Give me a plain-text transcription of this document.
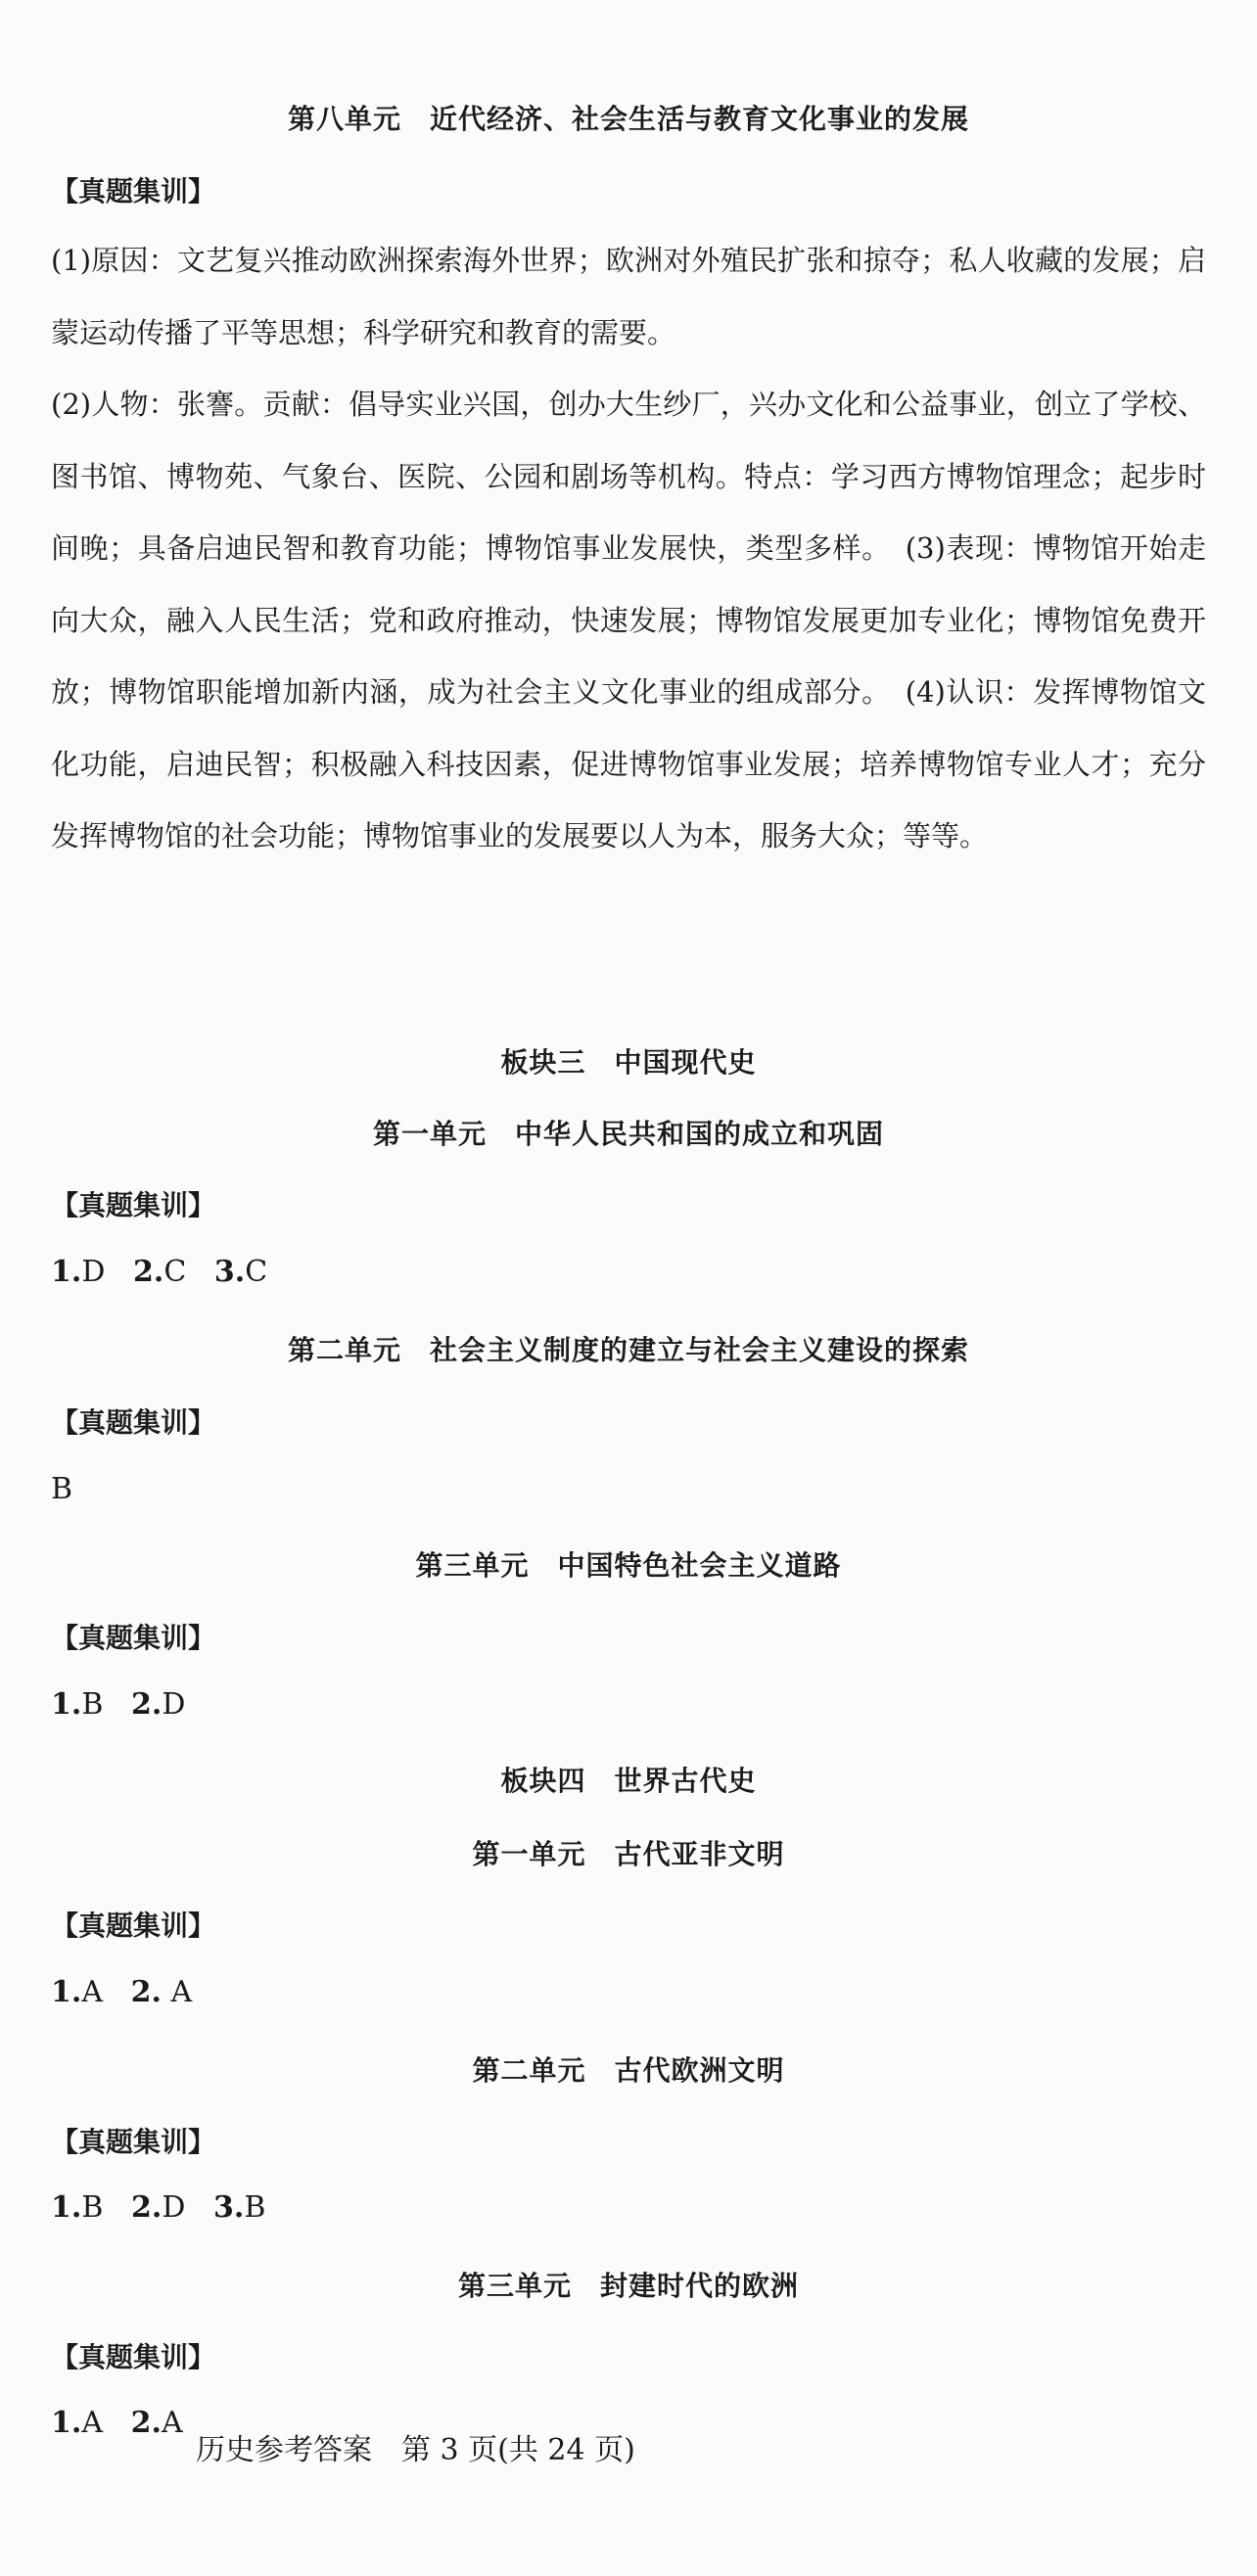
第八单元　近代经济、社会生活与教育文化事业的发展
【真题集训】

(1)原因：文艺复兴推动欧洲探索海外世界；欧洲对外殖民扩张和掠夺；私人收藏的发展；启蒙运动传播了平等思想；科学研究和教育的需要。

(2)人物：张謇。贡献：倡导实业兴国，创办大生纱厂，兴办文化和公益事业，创立了学校、图书馆、博物苑、气象台、医院、公园和剧场等机构。特点：学习西方博物馆理念；起步时间晚；具备启迪民智和教育功能；博物馆事业发展快，类型多样。　(3)表现：博物馆开始走向大众，融入人民生活；党和政府推动，快速发展；博物馆发展更加专业化；博物馆免费开放；博物馆职能增加新内涵，成为社会主义文化事业的组成部分。　(4)认识：发挥博物馆文化功能，启迪民智；积极融入科技因素，促进博物馆事业发展；培养博物馆专业人才；充分发挥博物馆的社会功能；博物馆事业的发展要以人为本，服务大众；等等。

板块三　中国现代史
第一单元　中华人民共和国的成立和巩固
【真题集训】
1.D 2.C 3.C
第二单元　社会主义制度的建立与社会主义建设的探索
【真题集训】
B
第三单元　中国特色社会主义道路
【真题集训】
1.B 2.D
板块四　世界古代史
第一单元　古代亚非文明
【真题集训】
1.A 2. A
第二单元　古代欧洲文明
【真题集训】
1.B 2.D 3.B
第三单元　封建时代的欧洲
【真题集训】
1.A 2.A
历史参考答案 第 3 页(共 24 页)
